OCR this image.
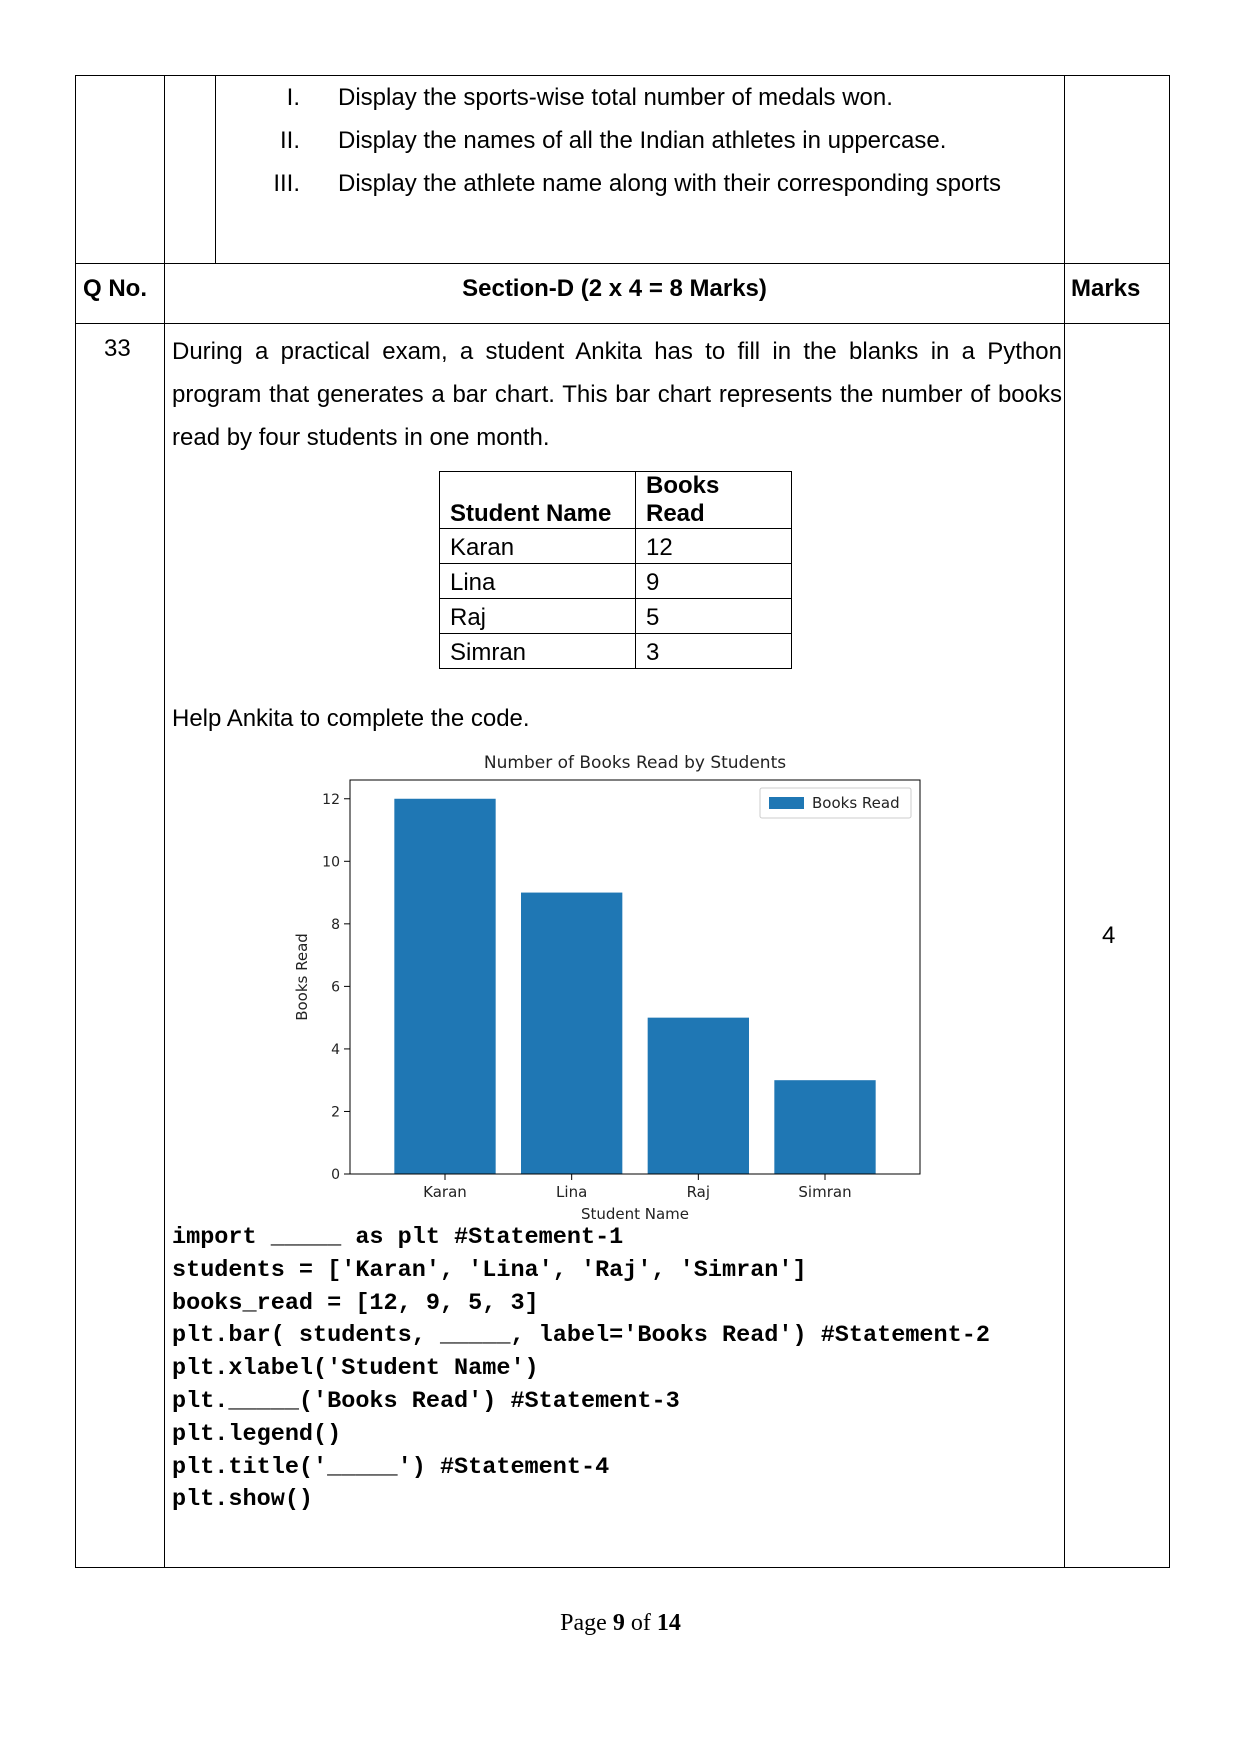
I. Display the sports-wise total number of medals won.
II. Display the names of all the Indian athletes in uppercase.
III. Display the athlete name along with their corresponding sports
Q No.	Section-D (2 x 4 = 8 Marks)	Marks
33 During a practical exam, a student Ankita has to fill in the blanks in a Python program that generates a bar chart. This bar chart represents the number of books read by four students in one month.
Student Name	Books Read
Karan	12
Lina	9
Raj	5
Simran	3
Help Ankita to complete the code.
Number of Books Read by Students
0
2
4
6
8
10
12
Karan	Lina	Raj	Simran
Student Name
Books Read
Books Read
import _____ as plt #Statement-1
students = ['Karan', 'Lina', 'Raj', 'Simran']
books_read = [12, 9, 5, 3]
plt.bar( students, _____, label='Books Read') #Statement-2
plt.xlabel('Student Name')
plt._____('Books Read') #Statement-3
plt.legend()
plt.title('_____') #Statement-4
plt.show()
4
Page 9 of 14
